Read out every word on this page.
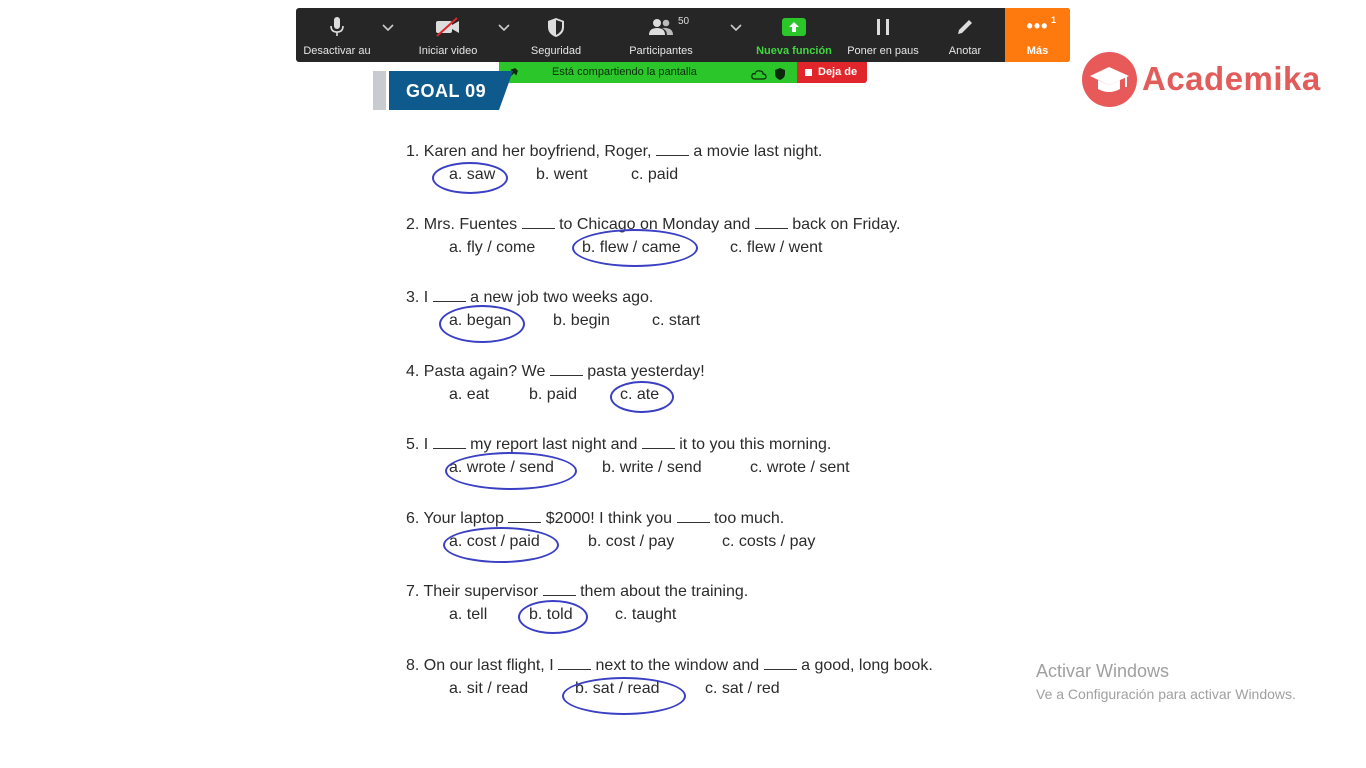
Desactivar au	Iniciar video	Seguridad
50
Participantes	Nueva función	Poner en paus	Anotar
••• 1
Más
Está compartiendo la pantalla	Deja de	Academika
GOAL 09
1. Karen and her boyfriend, Roger,  a movie last night.
a. saw	b. went	c. paid
2. Mrs. Fuentes  to Chicago on Monday and  back on Friday.
a. fly / come	b. flew / came	c. flew / went
3. I  a new job two weeks ago.
a. began	b. begin	c. start
4. Pasta again? We  pasta yesterday!
a. eat b. paid	c. ate
5. I  my report last night and  it to you this morning.
a. wrote / send	b. write / send	c. wrote / sent
6. Your laptop  $2000! I think you  too much.
a. cost / paid	b. cost / pay	c. costs / pay
7. Their supervisor  them about the training.
a. tell	b. told	c. taught
8. On our last flight, I  next to the window and  a good, long book.
a. sit / read	b. sat / read	c. sat / red
Activar Windows
Ve a Configuración para activar Windows.
